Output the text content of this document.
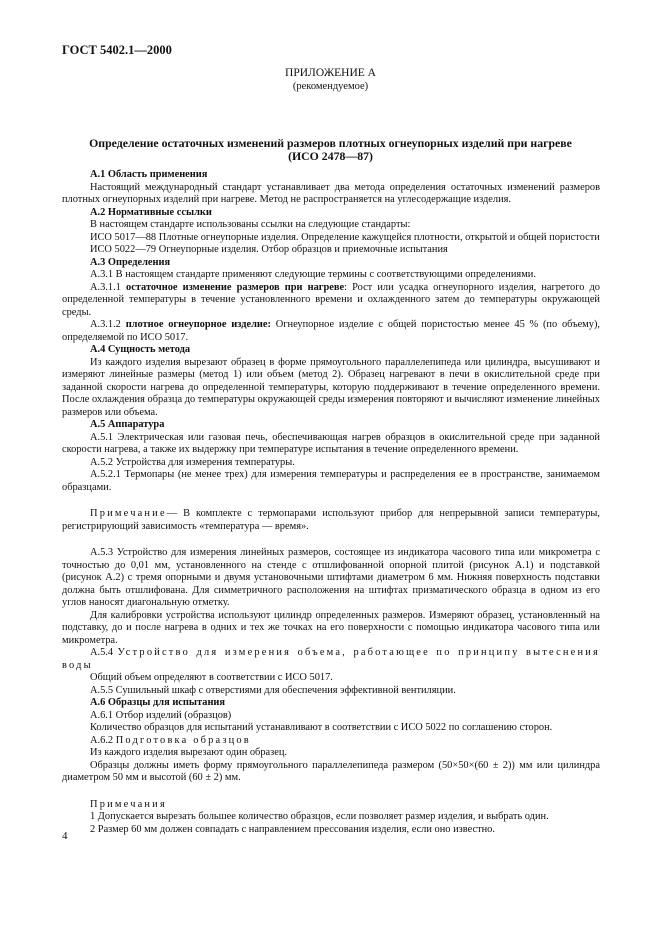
ГОСТ 5402.1—2000
ПРИЛОЖЕНИЕ А
(рекомендуемое)
Определение остаточных изменений размеров плотных огнеупорных изделий при нагреве
(ИСО 2478—87)

А.1 Область применения

Настоящий международный стандарт устанавливает два метода определения остаточных изменений размеров плотных огнеупорных изделий при нагреве. Метод не распространяется на углесодержащие изделия.

А.2 Нормативные ссылки

В настоящем стандарте использованы ссылки на следующие стандарты:

ИСО 5017—88 Плотные огнеупорные изделия. Определение кажущейся плотности, открытой и общей пористости

ИСО 5022—79 Огнеупорные изделия. Отбор образцов и приемочные испытания

А.3 Определения

А.3.1 В настоящем стандарте применяют следующие термины с соответствующими определениями.

А.3.1.1 остаточное изменение размеров при нагреве: Рост или усадка огнеупорного изделия, нагретого до определенной температуры в течение установленного времени и охлажденного затем до температуры окружающей среды.

А.3.1.2 плотное огнеупорное изделие: Огнеупорное изделие с общей пористостью менее 45 % (по объему), определяемой по ИСО 5017.

А.4 Сущность метода

Из каждого изделия вырезают образец в форме прямоугольного параллелепипеда или цилиндра, высушивают и измеряют линейные размеры (метод 1) или объем (метод 2). Образец нагревают в печи в окислительной среде при заданной скорости нагрева до определенной температуры, которую поддерживают в течение определенного времени. После охлаждения образца до температуры окружающей среды измерения повторяют и вычисляют изменение линейных размеров или объема.

А.5 Аппаратура

А.5.1 Электрическая или газовая печь, обеспечивающая нагрев образцов в окислительной среде при заданной скорости нагрева, а также их выдержку при температуре испытания в течение определенного времени.

А.5.2 Устройства для измерения температуры.

А.5.2.1 Термопары (не менее трех) для измерения температуры и распределения ее в пространстве, занимаемом образцами.

Примечание— В комплекте с термопарами используют прибор для непрерывной записи температуры, регистрирующий зависимость «температура — время».

А.5.3 Устройство для измерения линейных размеров, состоящее из индикатора часового типа или микрометра с точностью до 0,01 мм, установленного на стенде с отшлифованной опорной плитой (рисунок А.1) и подставкой (рисунок А.2) с тремя опорными и двумя установочными штифтами диаметром 6 мм. Нижняя поверхность подставки должна быть отшлифована. Для симметричного расположения на штифтах призматического образца в одном из его углов наносят диагональную отметку.

Для калибровки устройства используют цилиндр определенных размеров. Измеряют образец, установленный на подставку, до и после нагрева в одних и тех же точках на его поверхности с помощью индикатора часового типа или микрометра.

А.5.4 Устройство для измерения объема, работающее по принципу вытеснения воды

Общий объем определяют в соответствии с ИСО 5017.

А.5.5 Сушильный шкаф с отверстиями для обеспечения эффективной вентиляции.

А.6 Образцы для испытания

А.6.1 Отбор изделий (образцов)

Количество образцов для испытаний устанавливают в соответствии с ИСО 5022 по соглашению сторон.

А.6.2 Подготовка образцов

Из каждого изделия вырезают один образец.

Образцы должны иметь форму прямоугольного параллелепипеда размером (50×50×(60 ± 2)) мм или цилиндра диаметром 50 мм и высотой (60 ± 2) мм.

Примечания

1 Допускается вырезать большее количество образцов, если позволяет размер изделия, и выбрать один.

2 Размер 60 мм должен совпадать с направлением прессования изделия, если оно известно.

4
